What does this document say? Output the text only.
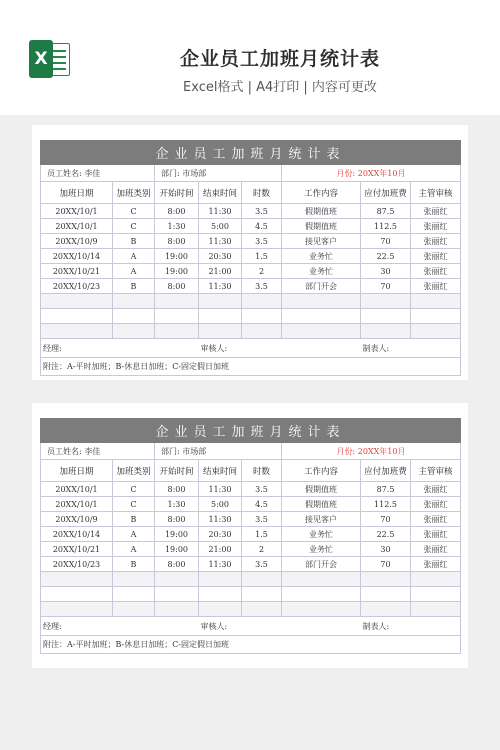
X	企业员工加班月统计表
Excel格式 | A4打印 | 内容可更改
企业员工加班月统计表							
员工姓名: 李佳		部门: 市场部			月份: 20XX年10月		
加班日期	加班类别	开始时间	结束时间	时数	工作内容	应付加班费	主管审核
20XX/10/1	C	8:00	11:30	3.5	假期值班	87.5	张丽红
20XX/10/1	C	1:30	5:00	4.5	假期值班	112.5	张丽红
20XX/10/9	B	8:00	11:30	3.5	接见客户	70	张丽红
20XX/10/14	A	19:00	20:30	1.5	业务忙	22.5	张丽红
20XX/10/21	A	19:00	21:00	2	业务忙	30	张丽红
20XX/10/23	B	8:00	11:30	3.5	部门开会	70	张丽红

经理:			审核人:			制表人:	
附注：A-平时加班；B-休息日加班；C-固定假日加班							
企业员工加班月统计表							
员工姓名: 李佳		部门: 市场部			月份: 20XX年10月		
加班日期	加班类别	开始时间	结束时间	时数	工作内容	应付加班费	主管审核
20XX/10/1	C	8:00	11:30	3.5	假期值班	87.5	张丽红
20XX/10/1	C	1:30	5:00	4.5	假期值班	112.5	张丽红
20XX/10/9	B	8:00	11:30	3.5	接见客户	70	张丽红
20XX/10/14	A	19:00	20:30	1.5	业务忙	22.5	张丽红
20XX/10/21	A	19:00	21:00	2	业务忙	30	张丽红
20XX/10/23	B	8:00	11:30	3.5	部门开会	70	张丽红

经理:			审核人:			制表人:	
附注：A-平时加班；B-休息日加班；C-固定假日加班							
